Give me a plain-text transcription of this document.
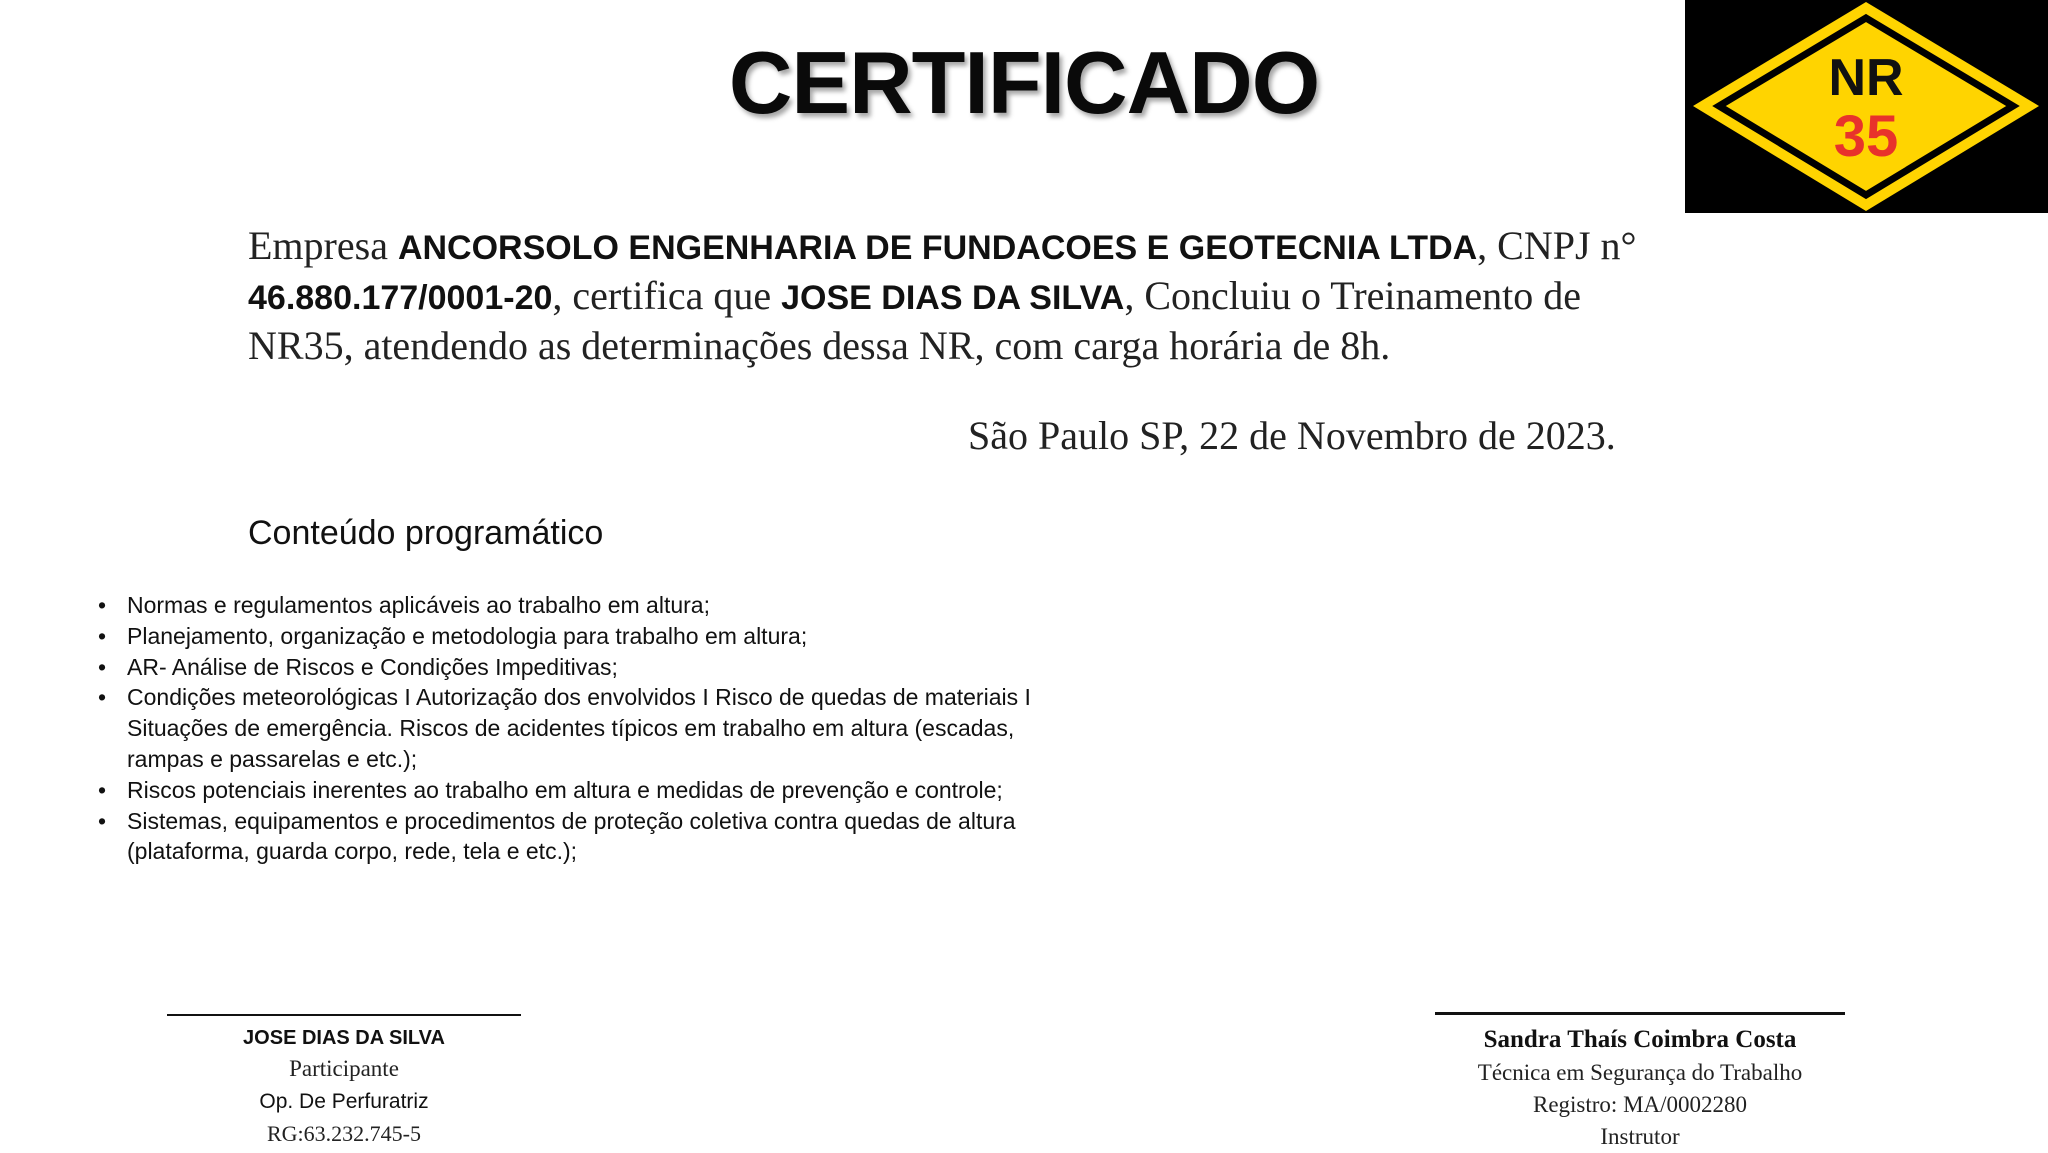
CERTIFICADO	NR
35
Empresa ANCORSOLO ENGENHARIA DE FUNDACOES E GEOTECNIA LTDA, CNPJ n°
46.880.177/0001-20, certifica que JOSE DIAS DA SILVA, Concluiu o Treinamento de NR35, atendendo as determinações dessa NR, com carga horária de 8h.
São Paulo SP, 22 de Novembro de 2023.
Conteúdo programático
• Normas e regulamentos aplicáveis ao trabalho em altura;
• Planejamento, organização e metodologia para trabalho em altura;
• AR- Análise de Riscos e Condições Impeditivas;
• Condições meteorológicas I Autorização dos envolvidos I Risco de quedas de materiais I Situações de emergência. Riscos de acidentes típicos em trabalho em altura (escadas, rampas e passarelas e etc.);
• Riscos potenciais inerentes ao trabalho em altura e medidas de prevenção e controle;
• Sistemas, equipamentos e procedimentos de proteção coletiva contra quedas de altura (plataforma, guarda corpo, rede, tela e etc.);
JOSE DIAS DA SILVA
Participante
Op. De Perfuratriz
RG:63.232.745-5
Sandra Thaís Coimbra Costa
Técnica em Segurança do Trabalho
Registro: MA/0002280
Instrutor
